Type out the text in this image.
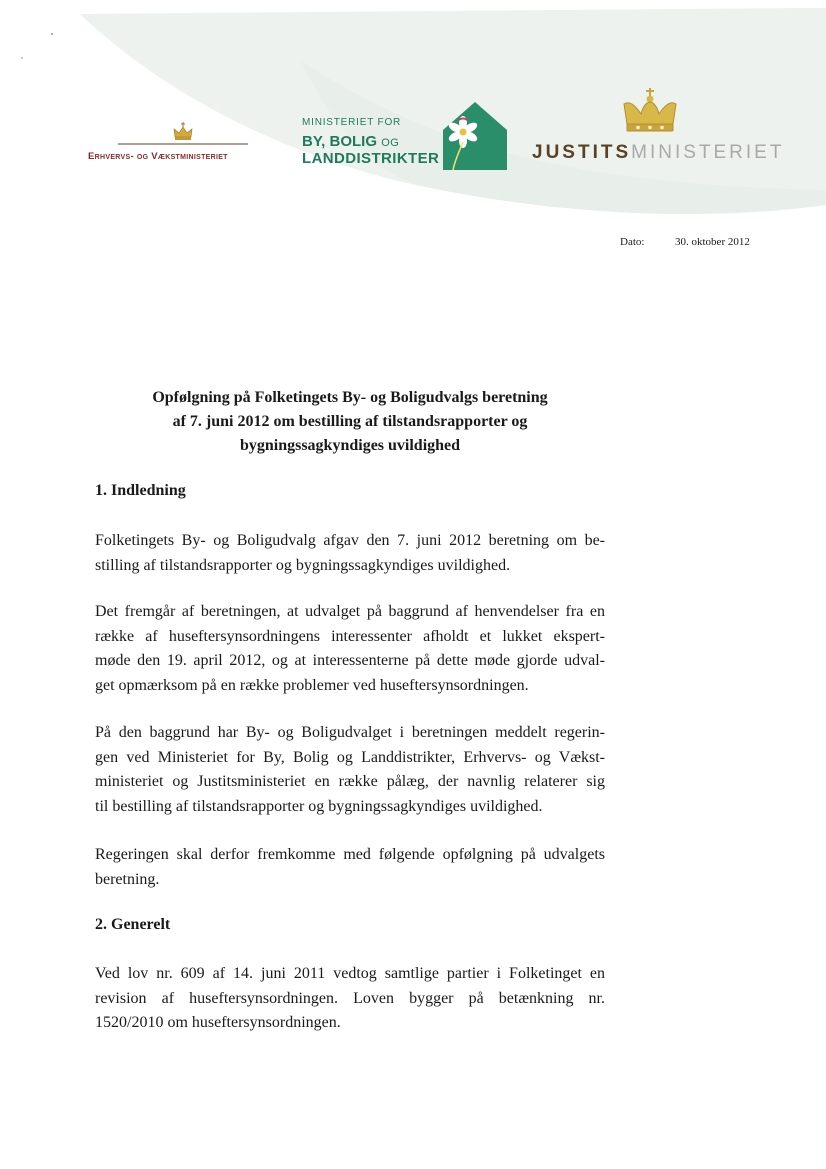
Erhvervs- og Vækstministeriet
MINISTERIET FOR
BY, BOLIG OG
LANDDISTRIKTER	JUSTITSMINISTERIET
Dato:	30. oktober 2012
Opfølgning på Folketingets By- og Boligudvalgs beretning
af 7. juni 2012 om bestilling af tilstandsrapporter og
bygningssagkyndiges uvildighed
1. Indledning
Folketingets By- og Boligudvalg afgav den 7. juni 2012 beretning om be-
stilling af tilstandsrapporter og bygningssagkyndiges uvildighed.
Det fremgår af beretningen, at udvalget på baggrund af henvendelser fra en
række af huseftersynsordningens interessenter afholdt et lukket ekspert-
møde den 19. april 2012, og at interessenterne på dette møde gjorde udval-
get opmærksom på en række problemer ved huseftersynsordningen.
På den baggrund har By- og Boligudvalget i beretningen meddelt regerin-
gen ved Ministeriet for By, Bolig og Landdistrikter, Erhvervs- og Vækst-
ministeriet og Justitsministeriet en række pålæg, der navnlig relaterer sig
til bestilling af tilstandsrapporter og bygningssagkyndiges uvildighed.
Regeringen skal derfor fremkomme med følgende opfølgning på udvalgets
beretning.
2. Generelt
Ved lov nr. 609 af 14. juni 2011 vedtog samtlige partier i Folketinget en
revision af huseftersynsordningen. Loven bygger på betænkning nr.
1520/2010 om huseftersynsordningen.
